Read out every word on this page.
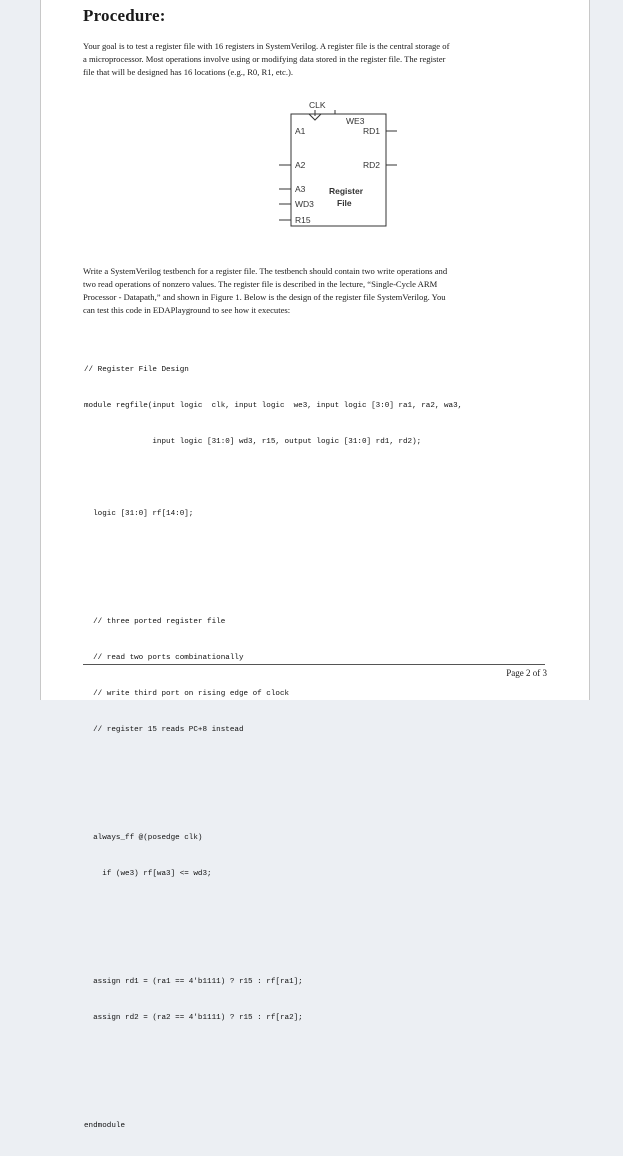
Procedure:
Your goal is to test a register file with 16 registers in SystemVerilog. A register file is the central storage of
a microprocessor. Most operations involve using or modifying data stored in the register file. The register
file that will be designed has 16 locations (e.g., R0, R1, etc.).
CLK
WE3
A1	RD1
A2	RD2
A3	Register
WD3	File
R15
Write a SystemVerilog testbench for a register file. The testbench should contain two write operations and
two read operations of nonzero values. The register file is described in the lecture, “Single-Cycle ARM
Processor - Datapath,” and shown in Figure 1. Below is the design of the register file SystemVerilog. You
can test this code in EDAPlayground to see how it executes:

// Register File Design

module regfile(input logic  clk, input logic  we3, input logic [3:0] ra1, ra2, wa3,

input logic [31:0] wd3, r15, output logic [31:0] rd1, rd2);

logic [31:0] rf[14:0];

// three ported register file

// read two ports combinationally

// write third port on rising edge of clock

// register 15 reads PC+8 instead

always_ff @(posedge clk)

if (we3) rf[wa3] <= wd3;

assign rd1 = (ra1 == 4'b1111) ? r15 : rf[ra1];

assign rd2 = (ra2 == 4'b1111) ? r15 : rf[ra2];

endmodule

Page 2 of 3
